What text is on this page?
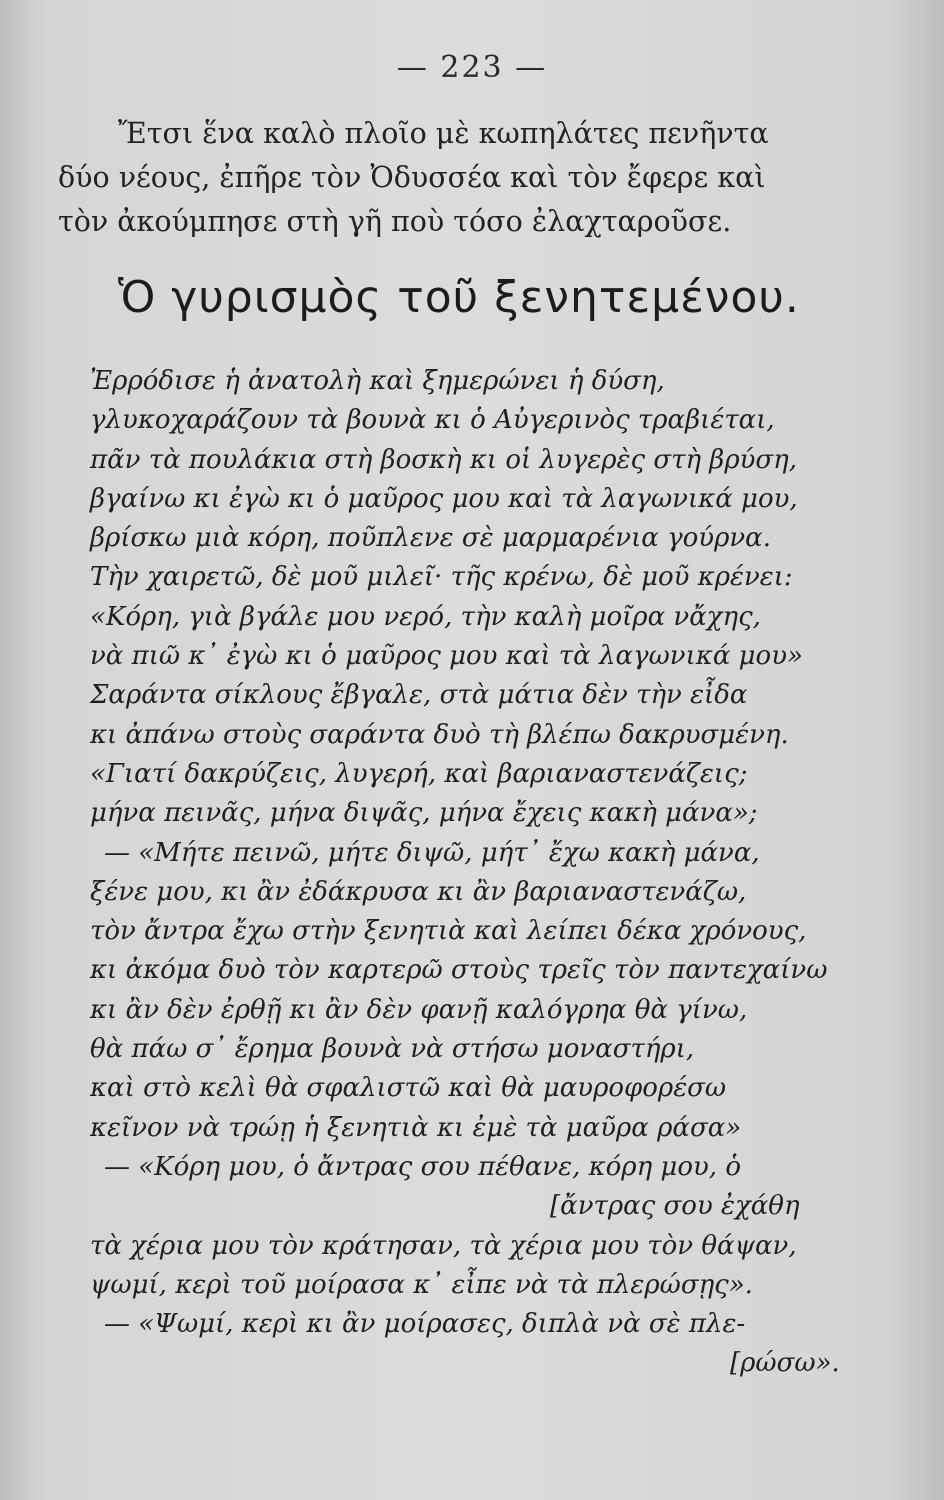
— 223 —
Ἔτσι ἕνα καλὸ πλοῖο μὲ κωπηλάτες πενῆντα
δύο νέους, ἐπῆρε τὸν Ὀδυσσέα καὶ τὸν ἔφερε καὶ
τὸν ἀκούμπησε στὴ γῆ ποὺ τόσο ἐλαχταροῦσε.
Ὁ γυρισμὸς τοῦ ξενητεμένου.
Ἐρρόδισε ἡ ἀνατολὴ καὶ ξημερώνει ἡ δύση,
γλυκοχαράζουν τὰ βουνὰ κι ὁ Αὐγερινὸς τραβιέται,
πᾶν τὰ πουλάκια στὴ βοσκὴ κι οἱ λυγερὲς στὴ βρύση,
βγαίνω κι ἐγὼ κι ὁ μαῦρος μου καὶ τὰ λαγωνικά μου,
βρίσκω μιὰ κόρη, ποῦπλενε σὲ μαρμαρένια γούρνα.
Τὴν χαιρετῶ, δὲ μοῦ μιλεῖ· τῆς κρένω, δὲ μοῦ κρένει:
«Κόρη, γιὰ βγάλε μου νερό, τὴν καλὴ μοῖρα νἄχης,
νὰ πιῶ κ᾽ ἐγὼ κι ὁ μαῦρος μου καὶ τὰ λαγωνικά μου»
Σαράντα σίκλους ἔβγαλε, στὰ μάτια δὲν τὴν εἶδα
κι ἀπάνω στοὺς σαράντα δυὸ τὴ βλέπω δακρυσμένη.
«Γιατί δακρύζεις, λυγερή, καὶ βαριαναστενάζεις;
μήνα πεινᾶς, μήνα διψᾶς, μήνα ἔχεις κακὴ μάνα»;
— «Μήτε πεινῶ, μήτε διψῶ, μήτ᾽ ἔχω κακὴ μάνα,
ξένε μου, κι ἂν ἐδάκρυσα κι ἂν βαριαναστενάζω,
τὸν ἄντρα ἔχω στὴν ξενητιὰ καὶ λείπει δέκα χρόνους,
κι ἀκόμα δυὸ τὸν καρτερῶ στοὺς τρεῖς τὸν παντεχαίνω
κι ἂν δὲν ἐρθῇ κι ἂν δὲν φανῇ καλόγρηα θὰ γίνω,
θὰ πάω σ᾽ ἔρημα βουνὰ νὰ στήσω μοναστήρι,
καὶ στὸ κελὶ θὰ σφαλιστῶ καὶ θὰ μαυροφορέσω
κεῖνον νὰ τρώῃ ἡ ξενητιὰ κι ἐμὲ τὰ μαῦρα ράσα»
— «Κόρη μου, ὁ ἄντρας σου πέθανε, κόρη μου, ὁ
[ἄντρας σου ἐχάθη
τὰ χέρια μου τὸν κράτησαν, τὰ χέρια μου τὸν θάψαν,
ψωμί, κερὶ τοῦ μοίρασα κ᾽ εἶπε νὰ τὰ πλερώσῃς».
— «Ψωμί, κερὶ κι ἂν μοίρασες, διπλὰ νὰ σὲ πλε-
[ρώσω».
